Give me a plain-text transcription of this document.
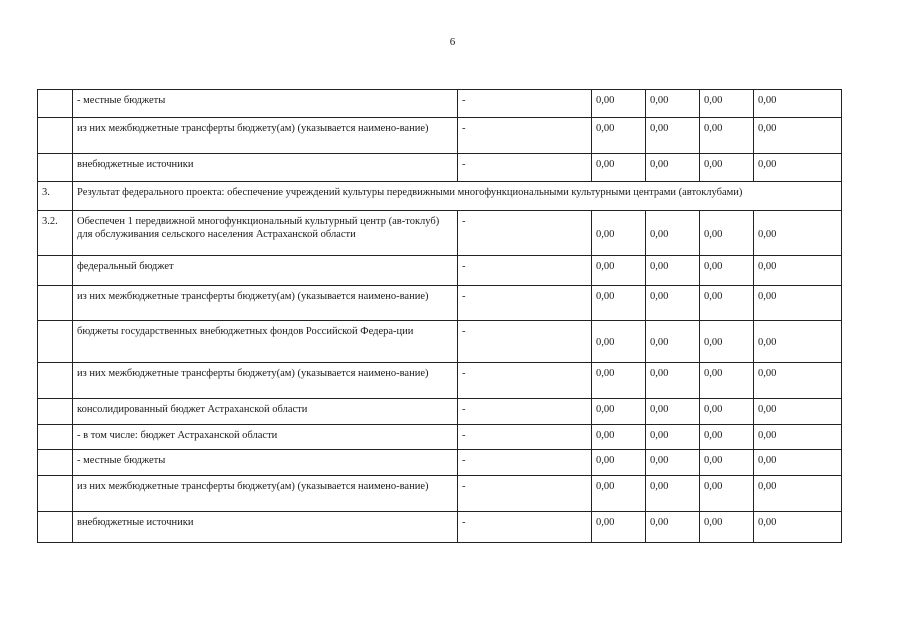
6
	- местные бюджеты	-	0,00	0,00	0,00	0,00
	из них межбюджетные трансферты бюджету(ам) (указывается наимено-вание)	-	0,00	0,00	0,00	0,00
	внебюджетные источники	-	0,00	0,00	0,00	0,00
3.	Результат федерального проекта: обеспечение учреждений культуры передвижными многофункциональными культурными центрами (автоклубами)					
3.2.	Обеспечен 1 передвижной многофункциональный культурный центр (ав-токлуб) для обслуживания сельского населения Астраханской области	-	0,00	0,00	0,00	0,00
	федеральный бюджет	-	0,00	0,00	0,00	0,00
	из них межбюджетные трансферты бюджету(ам) (указывается наимено-вание)	-	0,00	0,00	0,00	0,00
	бюджеты государственных внебюджетных фондов Российской Федера-ции	-	0,00	0,00	0,00	0,00
	из них межбюджетные трансферты бюджету(ам) (указывается наимено-вание)	-	0,00	0,00	0,00	0,00
	консолидированный бюджет Астраханской области	-	0,00	0,00	0,00	0,00
	- в том числе: бюджет Астраханской области	-	0,00	0,00	0,00	0,00
	- местные бюджеты	-	0,00	0,00	0,00	0,00
	из них межбюджетные трансферты бюджету(ам) (указывается наимено-вание)	-	0,00	0,00	0,00	0,00
	внебюджетные источники	-	0,00	0,00	0,00	0,00
